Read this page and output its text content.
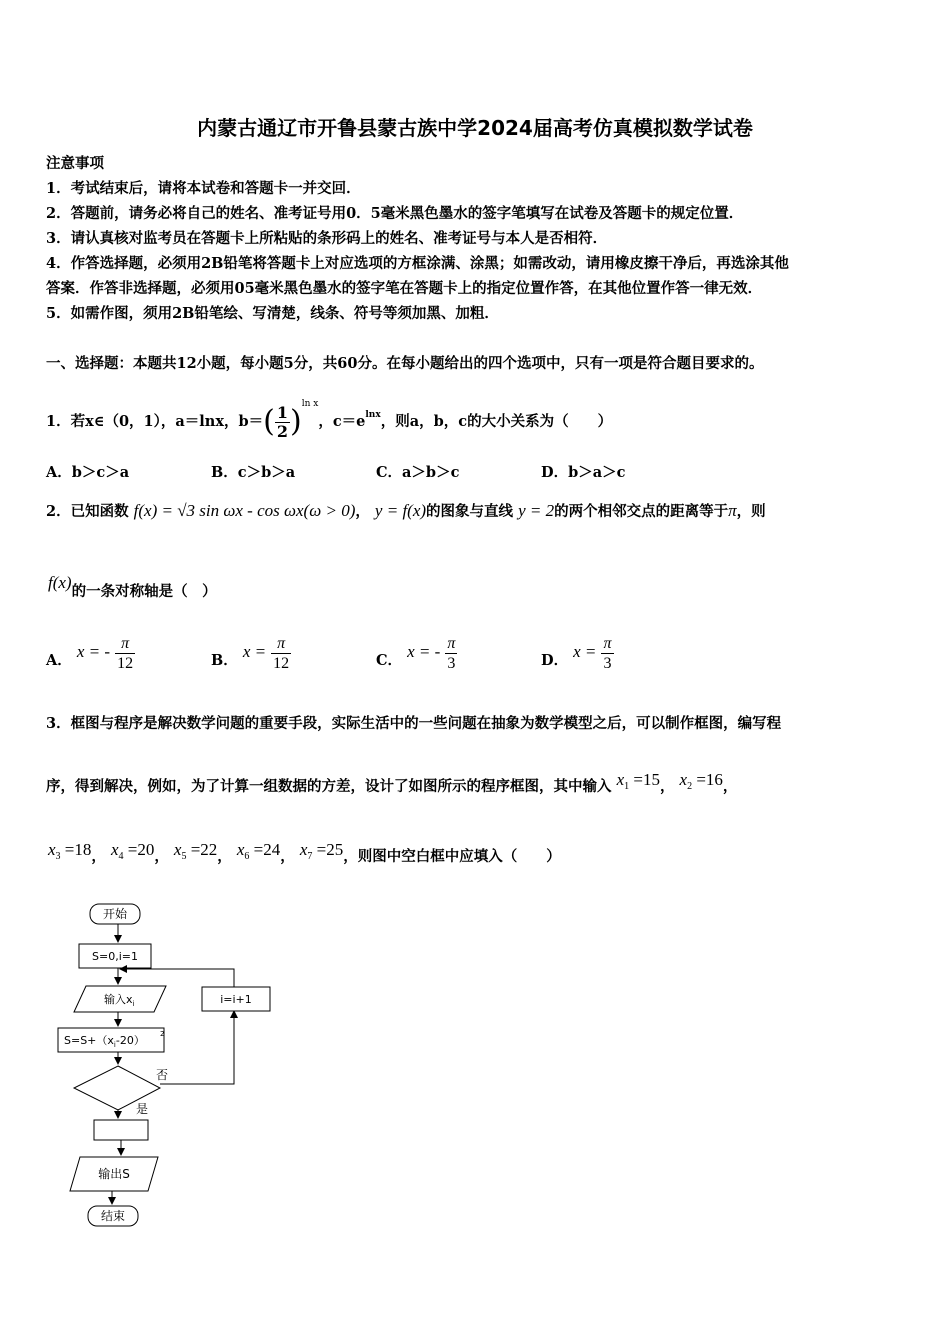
内蒙古通辽市开鲁县蒙古族中学2024届高考仿真模拟数学试卷
注意事项
1．考试结束后，请将本试卷和答题卡一并交回．
2．答题前，请务必将自己的姓名、准考证号用0．5毫米黑色墨水的签字笔填写在试卷及答题卡的规定位置．
3．请认真核对监考员在答题卡上所粘贴的条形码上的姓名、准考证号与本人是否相符．
4．作答选择题，必须用2B铅笔将答题卡上对应选项的方框涂满、涂黑；如需改动，请用橡皮擦干净后，再选涂其他
答案．作答非选择题，必须用05毫米黑色墨水的签字笔在答题卡上的指定位置作答，在其他位置作答一律无效．
5．如需作图，须用2B铅笔绘、写清楚，线条、符号等须加黑、加粗．
一、选择题：本题共12小题，每小题5分，共60分。在每小题给出的四个选项中，只有一项是符合题目要求的。
1．若x∈（0，1），a＝lnx，$b=( \frac{1}{2} )^{ln x}$，$c=e^{lnx}$，则a，b，c的大小关系为（　　）
A．b＞c＞a	B．c＞b＞a	C．a＞b＞c	D．b＞a＞c
2．已知函数 f(x) = √3 sin ωx - cos ωx(ω > 0)， y = f(x)的图象与直线 y = 2的两个相邻交点的距离等于π，则
f(x)的一条对称轴是（　）
A． x = - $\frac{\pi}{12}$	B． $x = \frac{\pi}{12}$	C． x = - $\frac{\pi}{3}$	D． $x = \frac{\pi}{3}$
3．框图与程序是解决数学问题的重要手段，实际生活中的一些问题在抽象为数学模型之后，可以制作框图，编写程
序，得到解决，例如，为了计算一组数据的方差，设计了如图所示的程序框图，其中输入 $x_1 =15$， $x_2 =16$，
$x_3 =18$， $x_4 =20$， $x_5 =22$， $x_6 =24$， $x_7 =25$，则图中空白框中应填入（　　）
开始
S=0,i=1
输入$x_i$
$S=S+(x_i-20)$ 2
否
i=i+1
是
输出S
结束
